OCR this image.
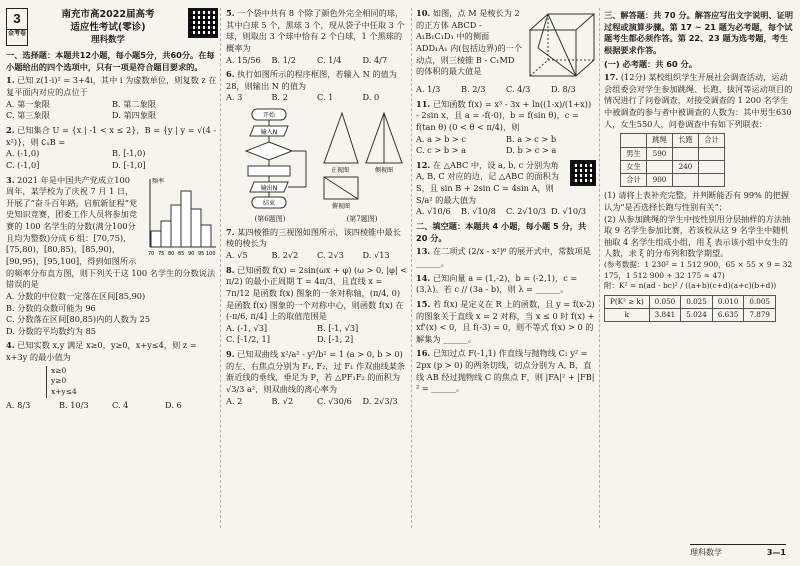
3
金考卷
南充市高2022届高考
适应性考试(零诊)
理科数学
一、选择题：本题共12小题，每小题5分，共60分。在每小题给出的四个选项中，只有一项是符合题目要求的。
1. 已知 z(1-i)² = 3+4i，其中 i 为虚数单位，则复数 z 在复平面内对应的点位于
A. 第一象限	B. 第二象限
C. 第三象限	D. 第四象限
2. 已知集合 U = {x | -1 < x ≤ 2}，B = {y | y = √(4 - x²)}，则 ∁ᵤB =
A. (-1,0)	B. [-1,0)
C. (-1,0]	D. [-1,0]
频率
70 75 80 85 90 95 100
3. 2021 年是中国共产党成立100周年，某学校为了庆祝 7 月 1 日，开展了“奋斗百年路，启航新征程”党史知识竞赛，团委工作人员将参加竞赛的 100 名学生的分数(满分100分且均为整数)分成 6 组：[70,75)，[75,80)，[80,85)，[85,90)，[90,95)，[95,100]，得到如图所示的频率分布直方图，则下列关于这 100 名学生的分数说法错误的是
A. 分数的中位数一定落在区间[85,90)
B. 分数的众数可能为 96
C. 分数落在区间[80,85)内的人数为 25
D. 分数的平均数约为 85
4. 已知实数 x,y 满足 x≥0，y≥0，x+y≤4，则 z = x+3y 的最小值为
x≥0
y≥0
x+y≤4
A. 8/3	B. 10/3	C. 4	D. 6
5. 一个袋中共有 8 个除了颜色外完全相同的球，其中白球 5 个，黑球 3 个，现从袋子中任取 3 个球，则取出 3 个球中恰有 2 个白球，1 个黑球的概率为
A. 15/56	B. 1/2	C. 1/4	D. 4/7
6. 执行如图所示的程序框图，若输入 N 的值为 28，则输出 N 的值为
A. 3	B. 2	C. 1	D. 0
开始
输入N
输出N
结束
(第6题图)
正视图	侧视图
俯视图
(第7题图)
7. 某四棱锥的三视图如图所示，该四棱锥中最长棱的棱长为
A. √5	B. 2√2	C. 2√3	D. √13
8. 已知函数 f(x) = 2sin(ωx + φ) (ω > 0, |φ| < π/2) 的最小正周期 T = 4π/3，且直线 x = 7π/12 是函数 f(x) 图象的一条对称轴，(π/4, 0) 是函数 f(x) 图象的一个对称中心，则函数 f(x) 在 (-π/6, π/4] 上的取值范围是
A. (-1, √3]	B. [-1, √3]
C. [-1/2, 1]	D. [-1, 2]
9. 已知双曲线 x²/a² - y²/b² = 1 (a > 0, b > 0) 的左、右焦点分别为 F₁, F₂，过 F₁ 作双曲线某条渐近线的垂线，垂足为 P，若 △PF₁F₂ 的面积为 √3/3 a²，则双曲线的离心率为
A. 2	B. √2	C. √30/6	D. 2√3/3
10. 如图，点 M 是棱长为 2 的正方体 ABCD - A₁B₁C₁D₁ 中的侧面 ADD₁A₁ 内(包括边界)的一个动点，则三棱锥 B - C₁MD 的体积的最大值是
A. 1/3	B. 2/3	C. 4/3	D. 8/3
11. 已知函数 f(x) = x³ - 3x + ln((1-x)/(1+x)) - 2sin x，且 a = -f(-0)，b = f(sin θ)，c = f(tan θ) (0 < θ < π/4)，则
A. a > b > c	B. a > c > b
C. c > b > a	D. b > c > a
12. 在 △ABC 中，设 a, b, c 分别为角 A, B, C 对应的边，记 △ABC 的面积为 S，且 sin B + 2sin C = 4sin A，则 S/a² 的最大值为
A. √10/6	B. √10/8	C. 2√10/3 D. √10/3
二、填空题：本题共 4 小题，每小题 5 分，共 20 分。
13. 在二项式 (2/x - x²)⁶ 的展开式中，常数项是 ______。
14. 已知向量 a = (1,-2)，b = (-2,1)，c = (3,λ)。若 c // (3a - b)，则 λ = ______。
15. 若 f(x) 是定义在 R 上的函数，且 y = f(x-2) 的图象关于直线 x = 2 对称，当 x ≤ 0 时 f(x) + xf'(x) < 0，且 f(-3) = 0，则不等式 f(x) > 0 的解集为 ______。
16. 已知过点 F(-1,1) 作直线与抛物线 C: y² = 2px (p > 0) 的两条切线，切点分别为 A, B，直线 AB 经过抛物线 C 的焦点 F，则 |FA|² + |FB|² = ______。
三、解答题：共 70 分。解答应写出文字说明、证明过程或演算步骤。第 17 ~ 21 题为必考题，每个试题考生都必须作答。第 22、23 题为选考题，考生根据要求作答。
(一) 必考题：共 60 分。
17. (12分) 某校组织学生开展社会调查活动，运动会组委会对学生参加跳绳、长跑、拔河等运动项目的情况进行了问卷调查，对接受调查的 1 200 名学生中被调查的参与者中被调查的人数为：其中男生630人，女生550人，问卷调查中有如下列联表：
	跳绳	长跑	合计
男生	590		
女生		240	
合计	900		
(1) 请将上表补充完整，并判断能否有 99% 的把握认为“是否选择长跑与性别有关”；
(2) 从参加跳绳的学生中按性别用分层抽样的方法抽取 9 名学生参加比赛，若该校从这 9 名学生中随机抽取 4 名学生组成小组，用 ξ 表示该小组中女生的人数，求 ξ 的分布列和数学期望。
(参考数据：1 230² = 1 512 900，65 × 55 × 9 = 32 175，1 512 900 ÷ 32 175 ≈ 47)
附：K² = n(ad - bc)² / ((a+b)(c+d)(a+c)(b+d))
P(K² ≥ k)	0.050	0.025	0.010	0.005
k	3.841	5.024	6.635	7.879
理科数学	3—1
